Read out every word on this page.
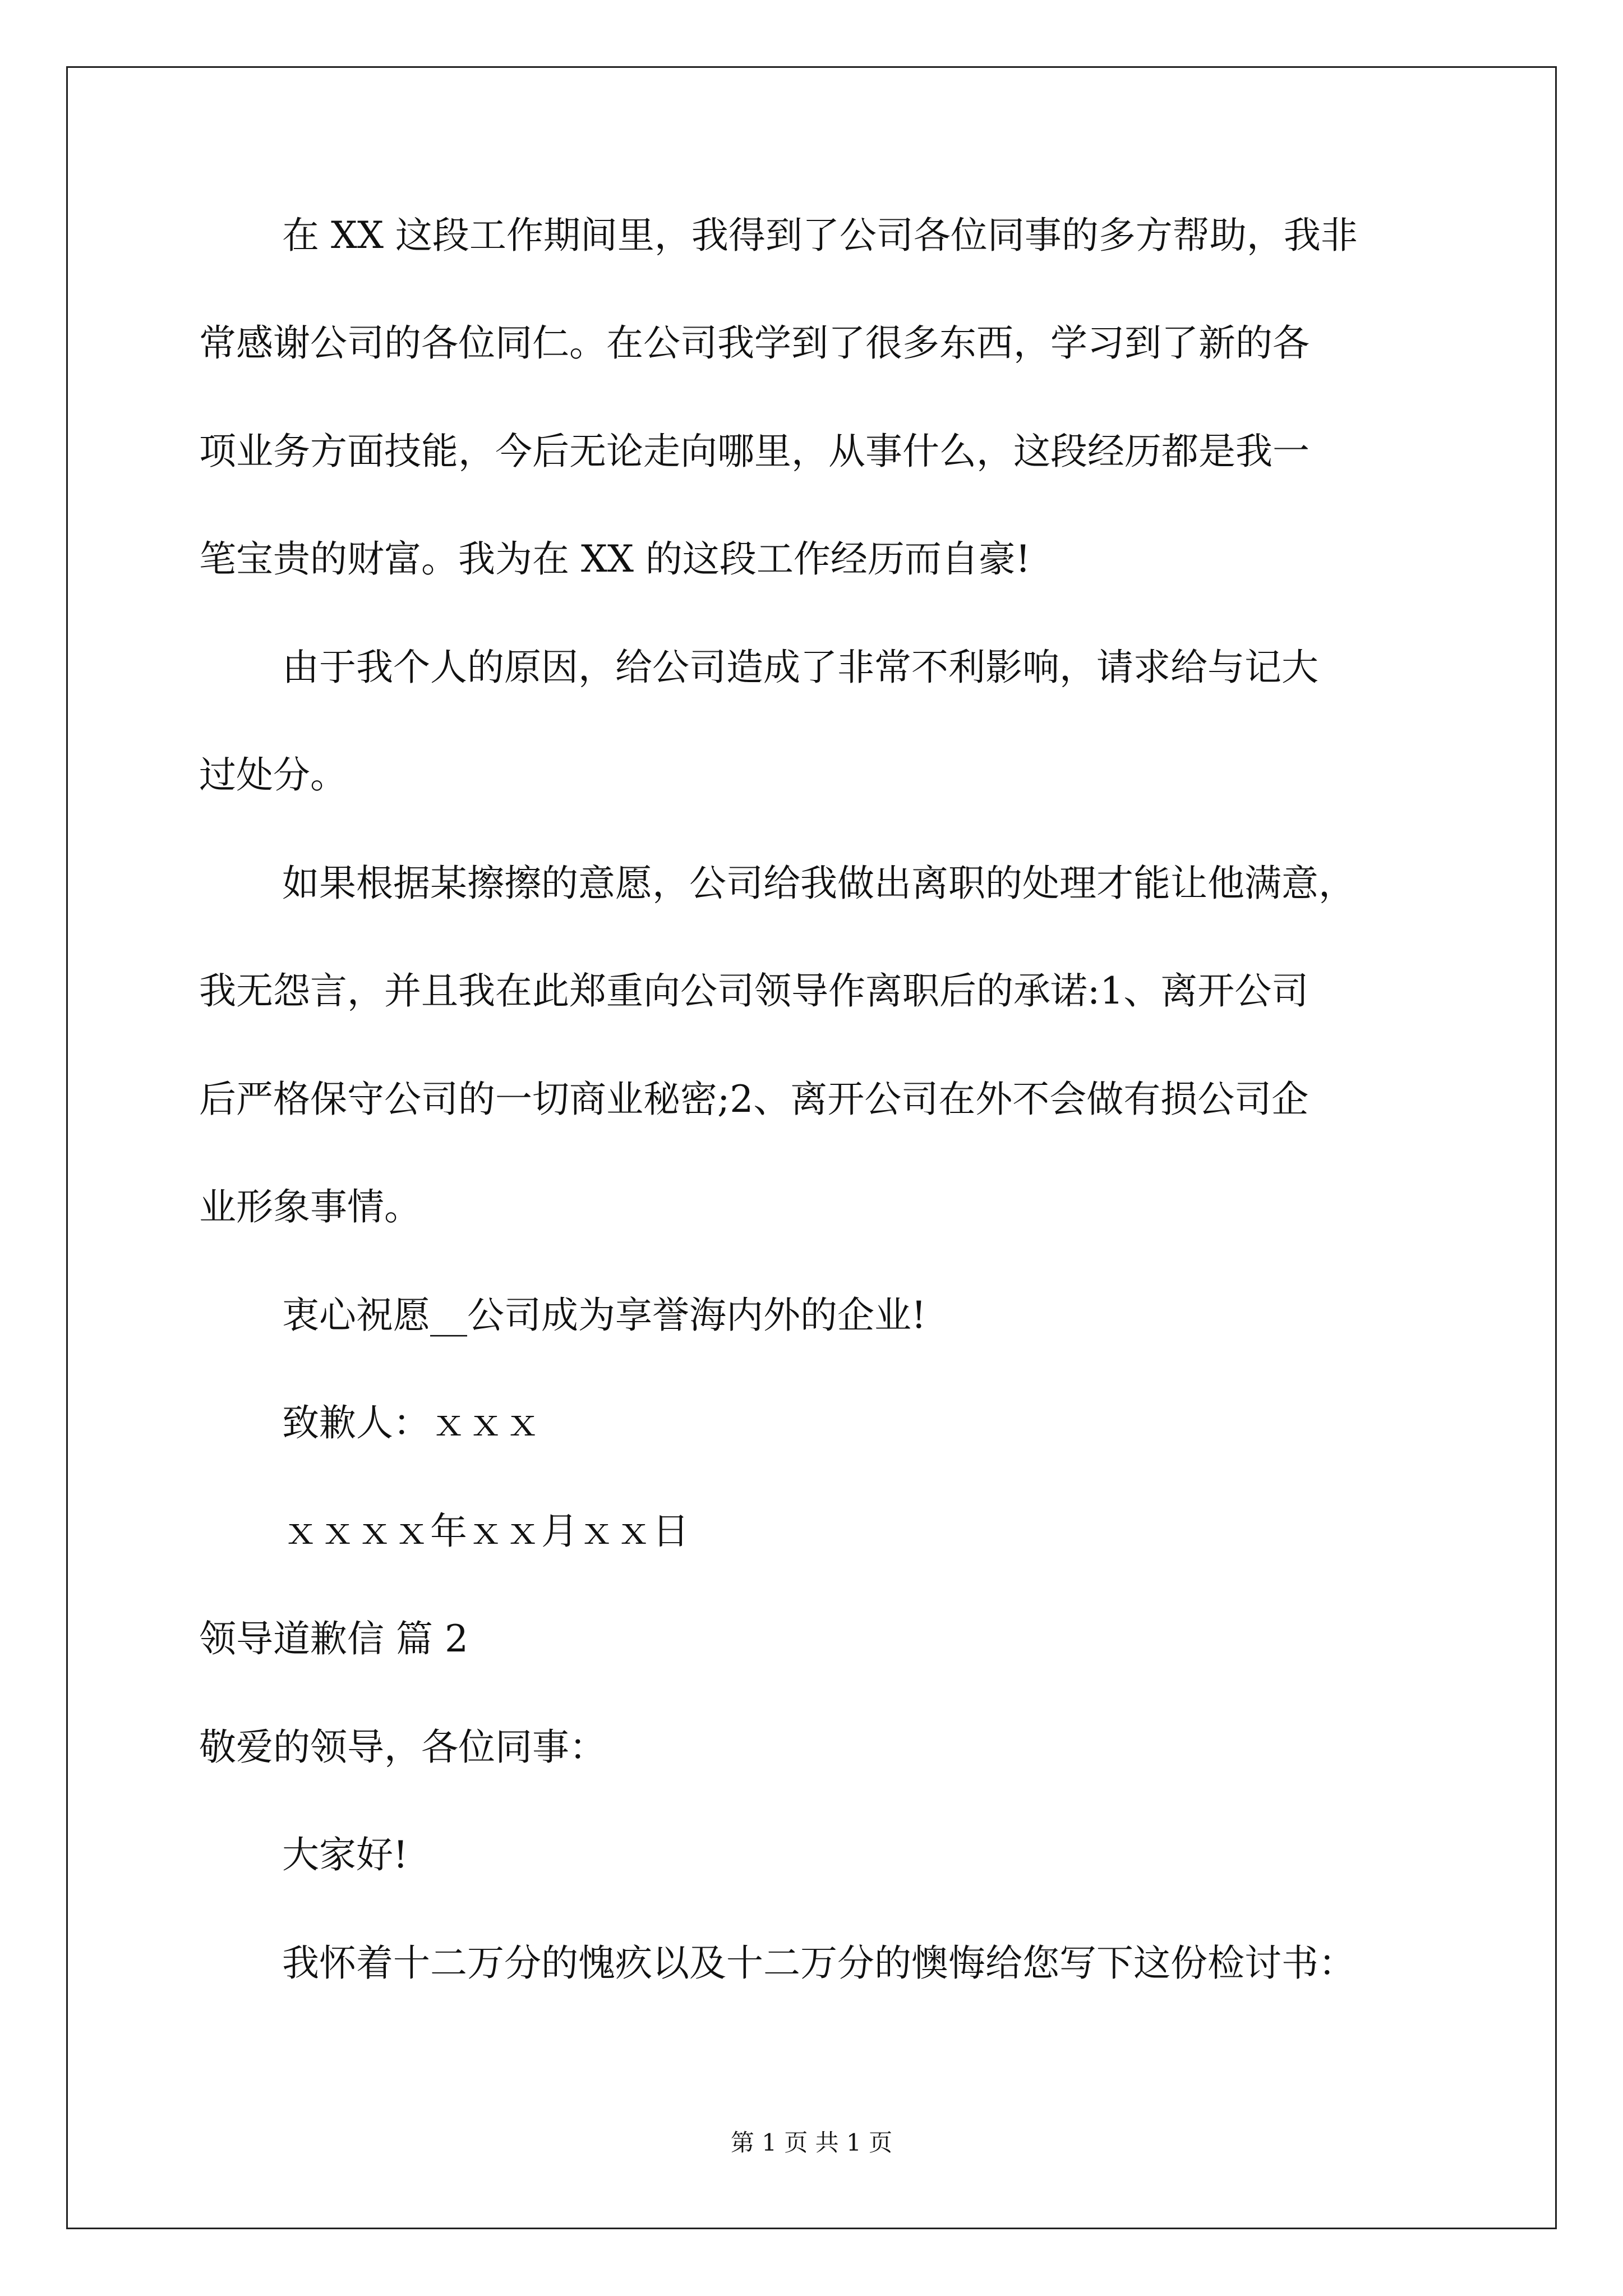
在 XX 这段工作期间里，我得到了公司各位同事的多方帮助，我非
常感谢公司的各位同仁。在公司我学到了很多东西，学习到了新的各
项业务方面技能，今后无论走向哪里，从事什么，这段经历都是我一
笔宝贵的财富。我为在 XX 的这段工作经历而自豪!
由于我个人的原因，给公司造成了非常不利影响，请求给与记大
过处分。
如果根据某擦擦的意愿，公司给我做出离职的处理才能让他满意，
我无怨言，并且我在此郑重向公司领导作离职后的承诺:1、离开公司
后严格保守公司的一切商业秘密;2、离开公司在外不会做有损公司企
业形象事情。
衷心祝愿__公司成为享誉海内外的企业!
致歉人：ｘｘｘ
ｘｘｘｘ年ｘｘ月ｘｘ日
领导道歉信 篇 2
敬爱的领导，各位同事：
大家好!
我怀着十二万分的愧疚以及十二万分的懊悔给您写下这份检讨书：
第 1 页 共 1 页
